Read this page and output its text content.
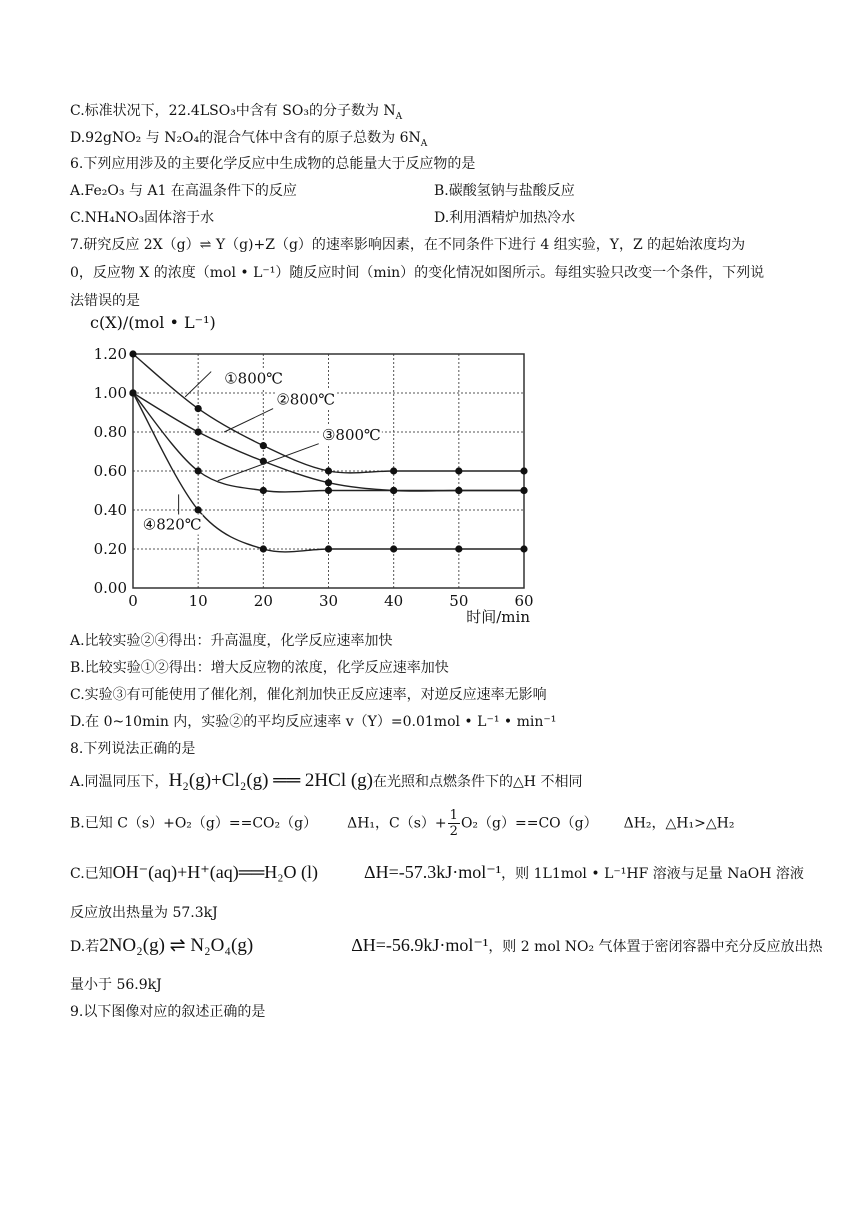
C.标准状况下，22.4LSO₃中含有 SO₃的分子数为 $N_A$
D.92gNO₂ 与 N₂O₄的混合气体中含有的原子总数为 $6N_A$
6.下列应用涉及的主要化学反应中生成物的总能量大于反应物的是
A.Fe₂O₃ 与 A1 在高温条件下的反应	B.碳酸氢钠与盐酸反应
C.NH₄NO₃固体溶于水	D.利用酒精炉加热冷水
7.研究反应 2X（g）⇌ Y（g)+Z（g）的速率影响因素，在不同条件下进行 4 组实验，Y，Z 的起始浓度均为
0，反应物 X 的浓度（mol • L⁻¹）随反应时间（min）的变化情况如图所示。每组实验只改变一个条件，下列说
法错误的是
c(X)/(mol • L⁻¹)
0.00
0.20
0.40
0.60
0.80
1.00
1.20
0	10	20	30	40	50	60
时间/min
①800℃
②800℃
③800℃
④820℃
A.比较实验②④得出：升高温度，化学反应速率加快
B.比较实验①②得出：增大反应物的浓度，化学反应速率加快
C.实验③有可能使用了催化剂，催化剂加快正反应速率，对逆反应速率无影响
D.在 0~10min 内，实验②的平均反应速率 v（Y）=0.01mol • L⁻¹ • min⁻¹
8.下列说法正确的是
A.同温同压下，H₂(g)+Cl₂(g) ══ 2HCl (g)在光照和点燃条件下的△H 不相同
B.已知 C（s）+O₂（g）==CO₂（g） ΔH₁，$C(s)+ \frac{1}{2} O_2(g)==CO(g)$ ΔH₂，△H₁>△H₂
C.已知OH⁻(aq)+H⁺(aq)══H₂O (l)	ΔH=-57.3kJ·mol⁻¹，则 1L1mol • L⁻¹HF 溶液与足量 NaOH 溶液
反应放出热量为 57.3kJ
D.若2NO₂(g) ⇌ N₂O₄(g)	ΔH=-56.9kJ·mol⁻¹，则 2 mol NO₂ 气体置于密闭容器中充分反应放出热
量小于 56.9kJ
9.以下图像对应的叙述正确的是
